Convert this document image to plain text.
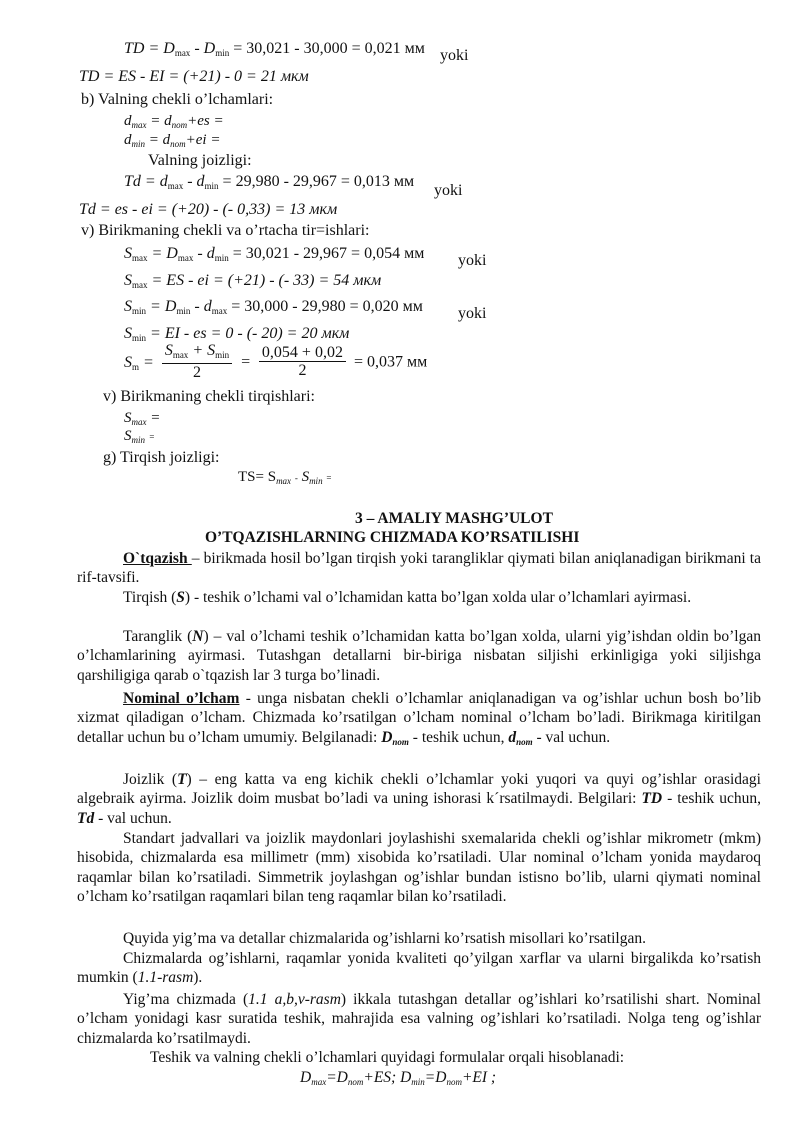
TD = $D_{max} - D_{min} = 30,021 - 30,000 = 0,021$ мм yoki
TD = ES - EI = (+21) - 0 = 21 мкм
b) Valning chekli o’lchamlari:
$d_{max} = d_{nom}+es$ =
$d_{min} = d_{nom}+ei$ =
Valning joizligi:
$Td = d_{max} - d_{min} = 29,980 - 29,967 = 0,013$ мм
yoki
Td = es - ei = (+20) - (- 0,33) = 13 мкм
v) Birikmaning chekli va o’rtacha tir=ishlari:
$S_{max} = D_{max} - d_{min} = 30,021 - 29,967 = 0,054$ мм yoki
$S_{max}$ = ES - ei = (+21) - (- 33) = 54 мкм
$S_{min} = D_{min} - d_{max} = 30,000 - 29,980 = 0,020$ мм yoki
$S_{min}$ = EI - es = 0 - (- 20) = 20 мкм
$S_m = \frac{S_{max} + S_{min}}{2} = \frac{0,054 + 0,02}{2} = 0,037$ мм
v) Birikmaning chekli tirqishlari:
$S_{max}$ =
$S_{min}$ =
g) Tirqish joizligi:
$TS= S_{max} - S_{min}$ =
3 – AMALIY MASHG’ULOT
O’TQAZISHLARNING CHIZMADA KO’RSATILISHI
O`tqazish – birikmada hosil bo’lgan tirqish yoki tarangliklar qiymati bilan aniqlanadigan birikmani ta rif-tavsifi.
Tirqish (S) - teshik o’lchami val o’lchamidan katta bo’lgan xolda ular o’lchamlari ayirmasi.
Taranglik (N) – val o’lchami teshik o’lchamidan katta bo’lgan xolda, ularni yig’ishdan oldin bo’lgan o’lchamlarining ayirmasi. Tutashgan detallarni bir-biriga nisbatan siljishi erkinligiga yoki siljishga qarshiligiga qarab o`tqazish lar 3 turga bo’linadi.
Nominal o’lcham - unga nisbatan chekli o’lchamlar aniqlanadigan va og’ishlar uchun bosh bo’lib xizmat qiladigan o’lcham. Chizmada ko’rsatilgan o’lcham nominal o’lcham bo’ladi. Birikmaga kiritilgan detallar uchun bu o’lcham umumiy. Belgilanadi: Dnom - teshik uchun, dnom - val uchun.
Joizlik (T) – eng katta va eng kichik chekli o’lchamlar yoki yuqori va quyi og’ishlar orasidagi algebraik ayirma. Joizlik doim musbat bo’ladi va uning ishorasi k´rsatilmaydi. Belgilari: TD - teshik uchun, Td - val uchun.
Standart jadvallari va joizlik maydonlari joylashishi sxemalarida chekli og’ishlar mikrometr (mkm) hisobida, chizmalarda esa millimetr (mm) xisobida ko’rsatiladi. Ular nominal o’lcham yonida maydaroq raqamlar bilan ko’rsatiladi. Simmetrik joylashgan og’ishlar bundan istisno bo’lib, ularni qiymati nominal o’lcham ko’rsatilgan raqamlari bilan teng raqamlar bilan ko’rsatiladi.
Quyida yig’ma va detallar chizmalarida og’ishlarni ko’rsatish misollari ko’rsatilgan.
Chizmalarda og’ishlarni, raqamlar yonida kvaliteti qo’yilgan xarflar va ularni birgalikda ko’rsatish mumkin (1.1-rasm).
Yig’ma chizmada (1.1 a,b,v-rasm) ikkala tutashgan detallar og’ishlari ko’rsatilishi shart. Nominal o’lcham yonidagi kasr suratida teshik, mahrajida esa valning og’ishlari ko’rsatiladi. Nolga teng og’ishlar chizmalarda ko’rsatilmaydi.
Teshik va valning chekli o’lchamlari quyidagi formulalar orqali hisoblanadi:
Dmax=Dnom+ES; Dmin=Dnom+EI ;
